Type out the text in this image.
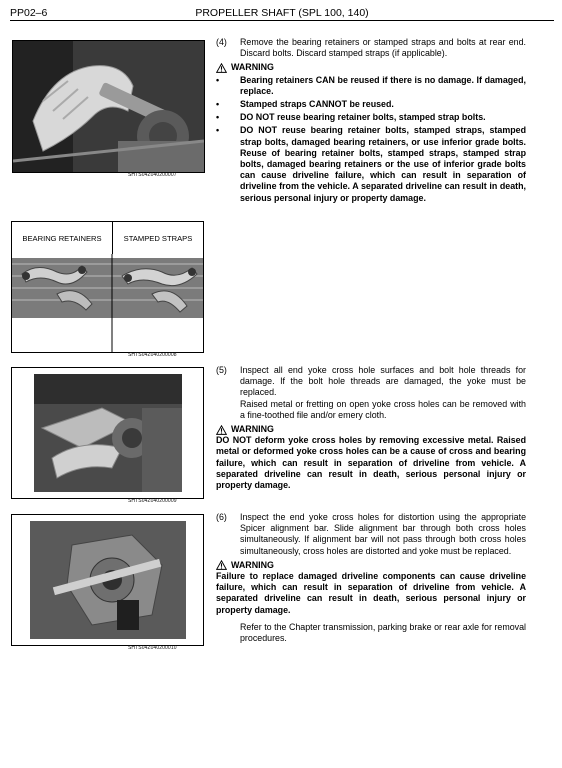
PP02–6	PROPELLER SHAFT (SPL 100, 140)
SHTS04Z040200007
BEARING RETAINERS	STAMPED STRAPS
SHTS04Z040200008
SHTS04Z040200009
SHTS04Z040200010
(4)	Remove the bearing retainers or stamped straps and bolts at rear end. Discard bolts. Discard stamped straps (if applicable).

WARNING
•	Bearing retainers CAN be reused if there is no damage. If damaged, replace.
•	Stamped straps CANNOT be reused.
•	DO NOT reuse bearing retainer bolts, stamped strap bolts.
•	DO NOT reuse bearing retainer bolts, stamped straps, stamped strap bolts, damaged bearing retainers, or use inferior grade bolts. Reuse of bearing retainer bolts, stamped straps, stamped strap bolts, damaged bearing retainers or the use of inferior grade bolts can cause driveline failure, which can result in separation of driveline from the vehicle. A separated driveline can result in death, serious personal injury or property damage.
(5)	Inspect all end yoke cross hole surfaces and bolt hole threads for damage. If the bolt hole threads are damaged, the yoke must be replaced.

Raised metal or fretting on open yoke cross holes can be removed with a fine-toothed file and/or emery cloth.

WARNING

DO NOT deform yoke cross holes by removing excessive metal. Raised metal or deformed yoke cross holes can be a cause of cross and bearing failure, which can result in separation of driveline from vehicle. A separated driveline can result in death, serious personal injury or property damage.

(6)	Inspect the end yoke cross holes for distortion using the appropriate Spicer alignment bar. Slide alignment bar through both cross holes simultaneously. If alignment bar will not pass through both cross holes simultaneously, cross holes are distorted and yoke must be replaced.

WARNING

Failure to replace damaged driveline components can cause driveline failure, which can result in separation of driveline from vehicle. A separated driveline can result in death, serious personal injury or property damage.

Refer to the Chapter transmission, parking brake or rear axle for removal procedures.
